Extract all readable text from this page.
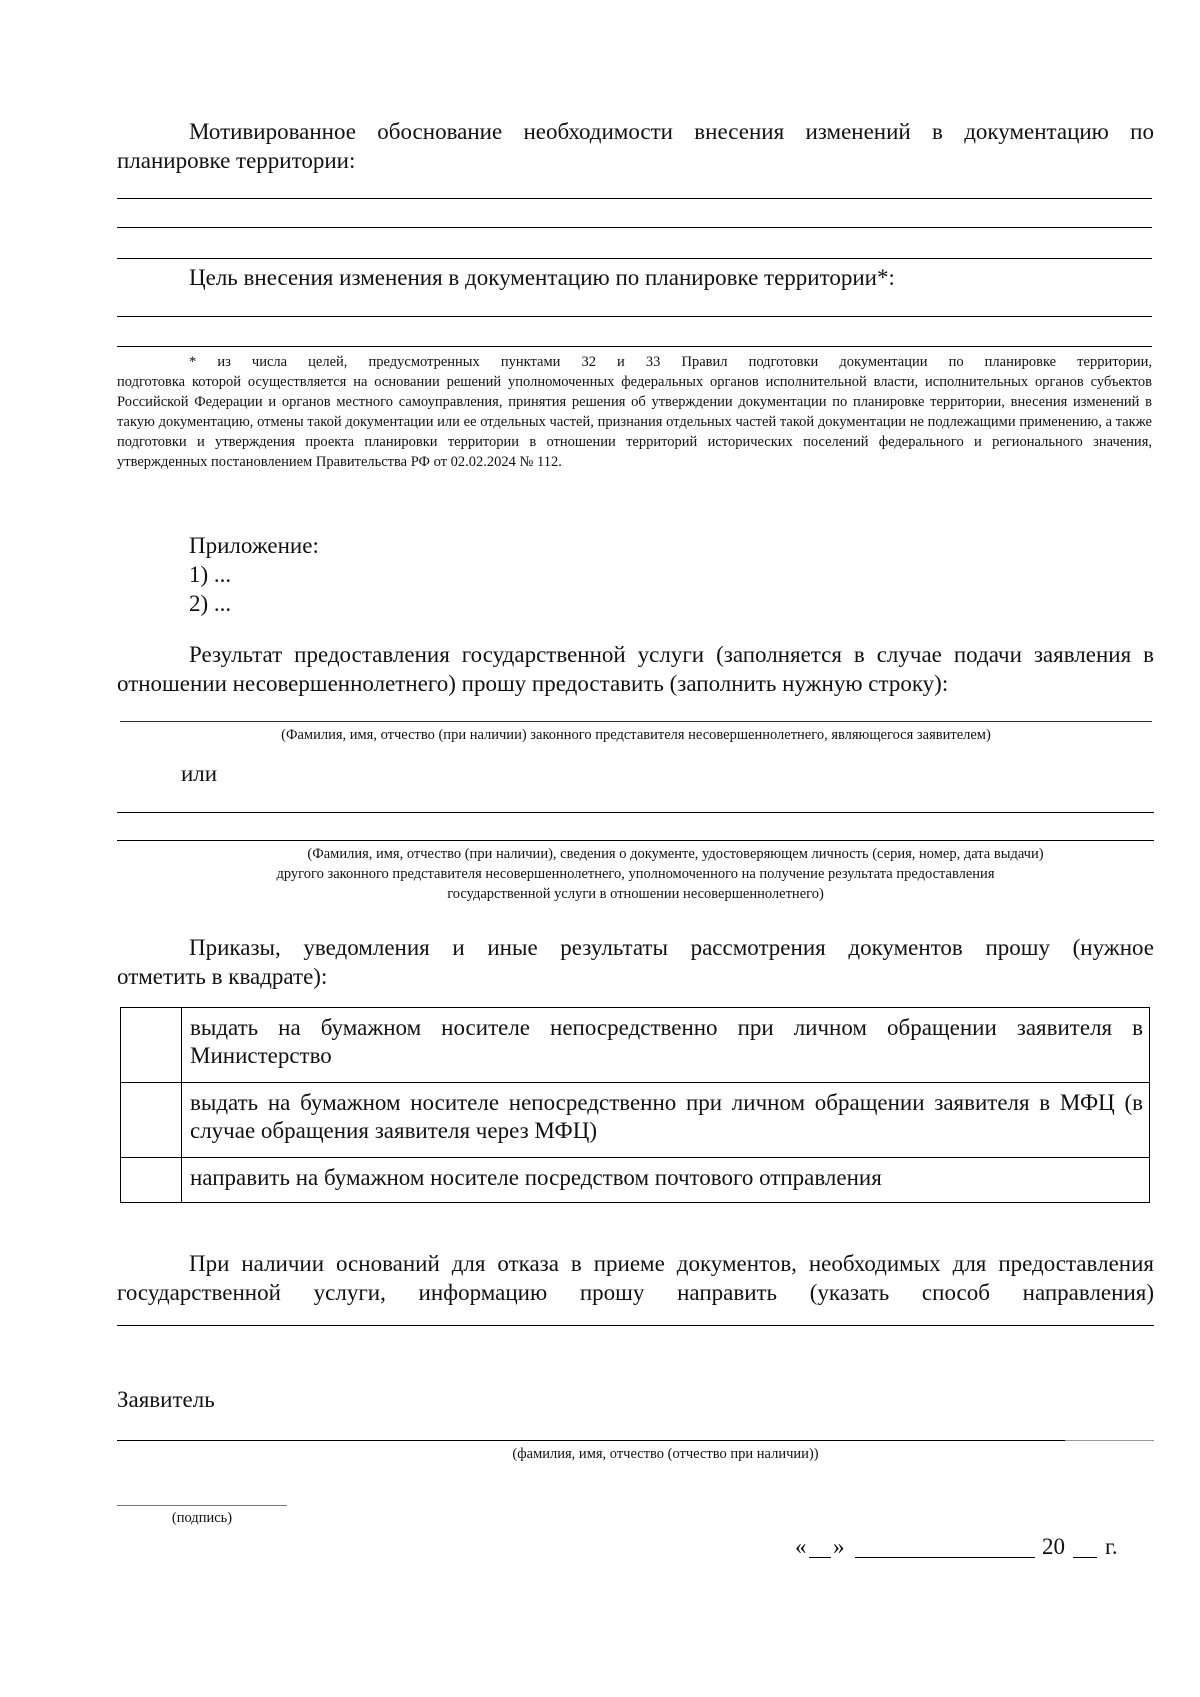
Мотивированное обоснование необходимости внесения изменений в документацию по
планировке территории:
Цель внесения изменения в документацию по планировке территории*:
* из числа целей, предусмотренных пунктами 32 и 33 Правил подготовки документации по планировке территории,
подготовка которой осуществляется на основании решений уполномоченных федеральных органов исполнительной власти, исполнительных органов субъектов Российской Федерации и органов местного самоуправления, принятия решения об утверждении документации по планировке территории, внесения изменений в такую документацию, отмены такой документации или ее отдельных частей, признания отдельных частей такой документации не подлежащими применению, а также подготовки и утверждения проекта планировки территории в отношении территорий исторических поселений федерального и регионального значения, утвержденных постановлением Правительства РФ от 02.02.2024 № 112.
Приложение:
1) ...
2) ...
Результат предоставления государственной услуги (заполняется в случае подачи заявления в
отношении несовершеннолетнего) прошу предоставить (заполнить нужную строку):
(Фамилия, имя, отчество (при наличии) законного представителя несовершеннолетнего, являющегося заявителем)
или
(Фамилия, имя, отчество (при наличии), сведения о документе, удостоверяющем личность (серия, номер, дата выдачи)
другого законного представителя несовершеннолетнего, уполномоченного на получение результата предоставления
государственной услуги в отношении несовершеннолетнего)
Приказы, уведомления и иные результаты рассмотрения документов прошу (нужное
отметить в квадрате):
	выдать на бумажном носителе непосредственно при личном обращении заявителя в Министерство
	выдать на бумажном носителе непосредственно при личном обращении заявителя в МФЦ (в случае обращения заявителя через МФЦ)
	направить на бумажном носителе посредством почтового отправления
При наличии оснований для отказа в приеме документов, необходимых для предоставления
государственной услуги, информацию прошу направить (указать способ направления)
Заявитель
(фамилия, имя, отчество (отчество при наличии))
(подпись)
« »	20 г.
